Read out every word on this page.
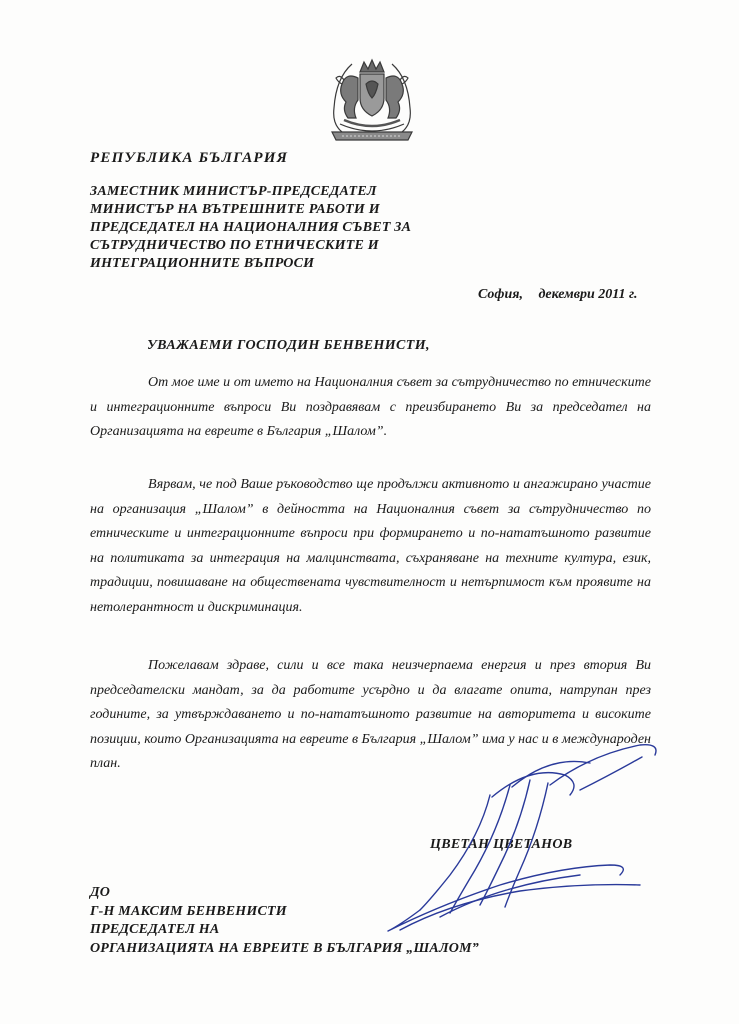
РЕПУБЛИКА БЪЛГАРИЯ
ЗАМЕСТНИК МИНИСТЪР-ПРЕДСЕДАТЕЛ
МИНИСТЪР НА ВЪТРЕШНИТЕ РАБОТИ И
ПРЕДСЕДАТЕЛ НА НАЦИОНАЛНИЯ СЪВЕТ ЗА
СЪТРУДНИЧЕСТВО ПО ЕТНИЧЕСКИТЕ И
ИНТЕГРАЦИОННИТЕ ВЪПРОСИ
София, декември 2011 г.
УВАЖАЕМИ ГОСПОДИН БЕНВЕНИСТИ,

От мое име и от името на Националния съвет за сътрудничество по етническите и интеграционните въпроси Ви поздравявам с преизбирането Ви за председател на Организацията на евреите в България „Шалом”.

Вярвам, че под Ваше ръководство ще продължи активното и ангажирано участие на организация „Шалом” в дейността на Националния съвет за сътрудничество по етническите и интеграционните въпроси при формирането и по-нататъшното развитие на политиката за интеграция на малцинствата, съхраняване на техните култура, език, традиции, повишаване на обществената чувствителност и нетърпимост към проявите на нетолерантност и дискриминация.

Пожелавам здраве, сили и все така неизчерпаема енергия и през втория Ви председателски мандат, за да работите усърдно и да влагате опита, натрупан през годините, за утвърждаването и по-нататъшното развитие на авторитета и високите позиции, които Организацията на евреите в България „Шалом” има у нас и в международен план.

ЦВЕТАН ЦВЕТАНОВ
ДО
Г-Н МАКСИМ БЕНВЕНИСТИ
ПРЕДСЕДАТЕЛ НА
ОРГАНИЗАЦИЯТА НА ЕВРЕИТЕ В БЪЛГАРИЯ „ШАЛОМ”
